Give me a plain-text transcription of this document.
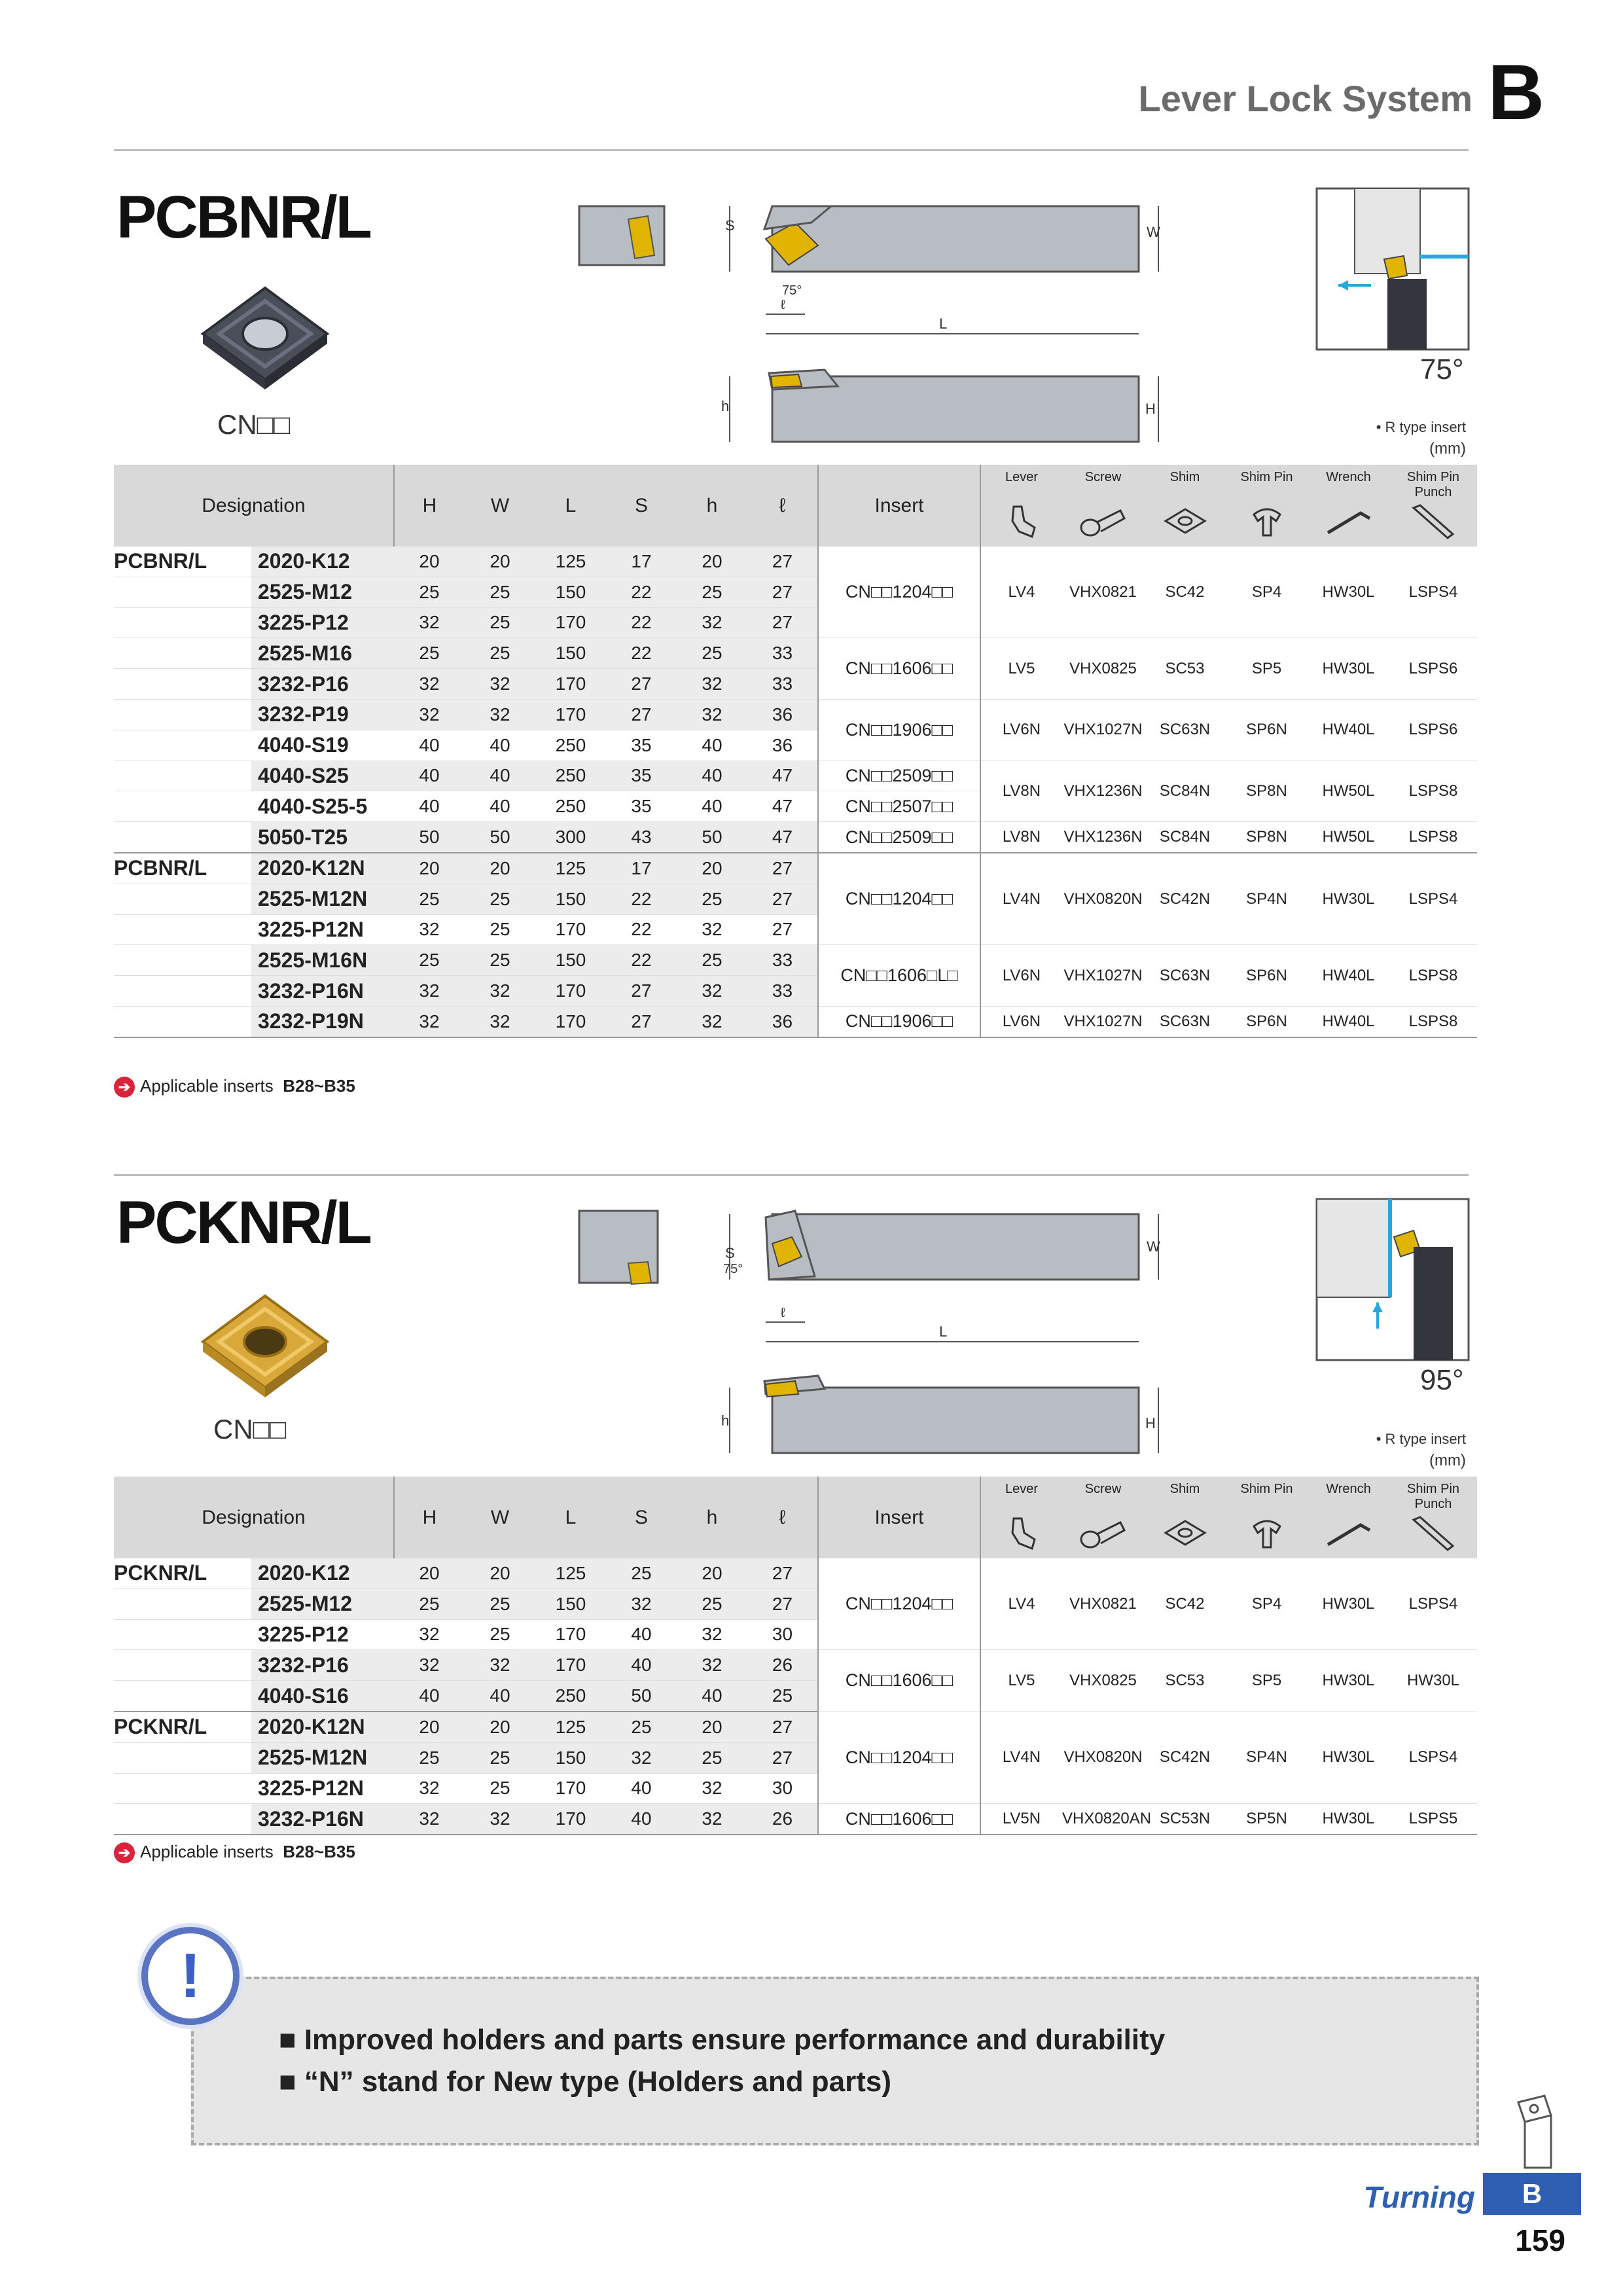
Lever Lock System B
PCBNR/L
CN□□
S	W
L
ℓ
75°
h	H
75°
• R type insert
(mm)
Designation		H	W	L	S	h	ℓ	Insert	Lever	Screw	Shim	Shim Pin	Wrench	Shim Pin Punch

PCBNR/L	2020-K12	20	20	125	17	20	27	CN□□1204□□	LV4	VHX0821	SC42	SP4	HW30L	LSPS4
	2525-M12	25	25	150	22	25	27							
	3225-P12	32	25	170	22	32	27							
	2525-M16	25	25	150	22	25	33	CN□□1606□□	LV5	VHX0825	SC53	SP5	HW30L	LSPS6
	3232-P16	32	32	170	27	32	33							
	3232-P19	32	32	170	27	32	36	CN□□1906□□	LV6N	VHX1027N	SC63N	SP6N	HW40L	LSPS6
	4040-S19	40	40	250	35	40	36							
	4040-S25	40	40	250	35	40	47	CN□□2509□□	LV8N	VHX1236N	SC84N	SP8N	HW50L	LSPS8
	4040-S25-5	40	40	250	35	40	47	CN□□2507□□						
	5050-T25	50	50	300	43	50	47	CN□□2509□□	LV8N	VHX1236N	SC84N	SP8N	HW50L	LSPS8
PCBNR/L	2020-K12N	20	20	125	17	20	27	CN□□1204□□	LV4N	VHX0820N	SC42N	SP4N	HW30L	LSPS4
	2525-M12N	25	25	150	22	25	27							
	3225-P12N	32	25	170	22	32	27							
	2525-M16N	25	25	150	22	25	33	CN□□1606□L□	LV6N	VHX1027N	SC63N	SP6N	HW40L	LSPS8
	3232-P16N	32	32	170	27	32	33							
	3232-P19N	32	32	170	27	32	36	CN□□1906□□	LV6N	VHX1027N	SC63N	SP6N	HW40L	LSPS8
➔ Applicable inserts B28~B35
PCKNR/L
CN□□
S	W
L
ℓ
75°
h	H
95°
• R type insert
(mm)
Designation		H	W	L	S	h	ℓ	Insert	Lever	Screw	Shim	Shim Pin	Wrench	Shim Pin Punch

PCKNR/L	2020-K12	20	20	125	25	20	27	CN□□1204□□	LV4	VHX0821	SC42	SP4	HW30L	LSPS4
	2525-M12	25	25	150	32	25	27							
	3225-P12	32	25	170	40	32	30							
	3232-P16	32	32	170	40	32	26	CN□□1606□□	LV5	VHX0825	SC53	SP5	HW30L	HW30L
	4040-S16	40	40	250	50	40	25							
PCKNR/L	2020-K12N	20	20	125	25	20	27	CN□□1204□□	LV4N	VHX0820N	SC42N	SP4N	HW30L	LSPS4
	2525-M12N	25	25	150	32	25	27							
	3225-P12N	32	25	170	40	32	30							
	3232-P16N	32	32	170	40	32	26	CN□□1606□□	LV5N	VHX0820AN	SC53N	SP5N	HW30L	LSPS5
➔ Applicable inserts B28~B35
■ Improved holders and parts ensure performance and durability
■ “N” stand for New type (Holders and parts)
!
Turning	B
159
